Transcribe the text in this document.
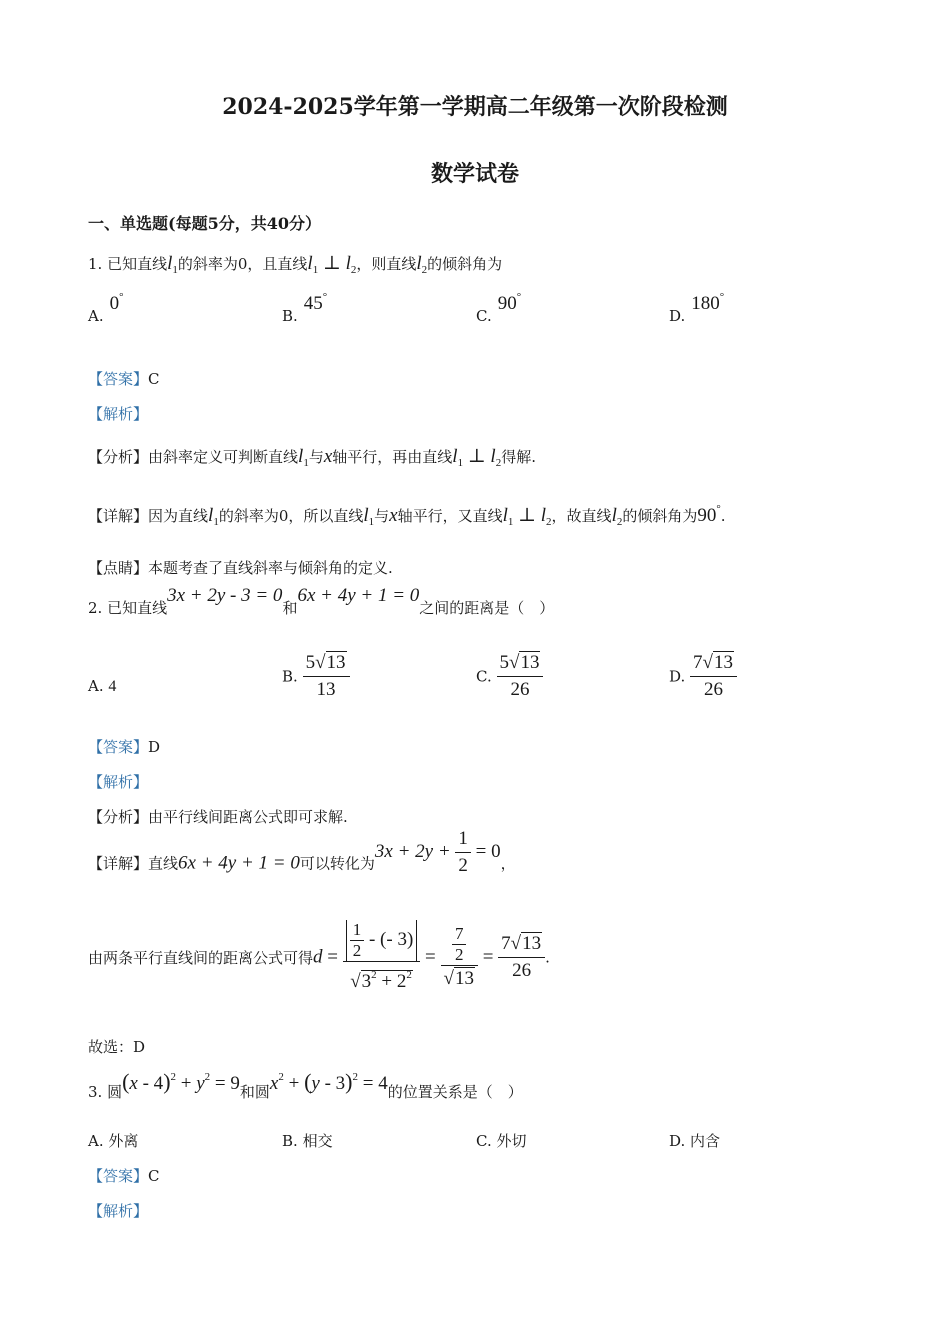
2024-2025学年第一学期高二年级第一次阶段检测
数学试卷
一、单选题(每题5分，共40分）
1. 已知直线$l_1$的斜率为0，且直线$l_1$ ⊥ $l_2$，则直线$l_2$的倾斜角为
A.0°
B.45°
C.90°
D.180°
【答案】C
【解析】
【分析】由斜率定义可判断直线$l_1$与x轴平行，再由直线$l_1$ ⊥ $l_2$得解.
【详解】因为直线$l_1$的斜率为0，所以直线$l_1$与x轴平行，又直线$l_1$ ⊥ $l_2$，故直线$l_2$的倾斜角为90°.
【点睛】本题考查了直线斜率与倾斜角的定义.
2. 已知直线3x + 2y - 3 = 0和6x + 4y + 1 = 0之间的距离是（　）
A. 4
B. $\frac{5√13}{13}$	C. $\frac{5√13}{26}$	D. $\frac{7√13}{26}$
【答案】D
【解析】
【分析】由平行线间距离公式即可求解.
【详解】直线6x + 4y + 1 = 0可以转化为$3x + 2y + \frac{1}{2} = 0$，
由两条平行直线间的距离公式可得$d = \frac{\frac{1}{2} - (- 3)}{√3^2 + 2^2} = \frac{\frac{7}{2}}{√13} = \frac{7√13}{26}$ .
故选：D
3. 圆$(x - 4)^2 + y^2 = 9$和圆$x^2 + (y - 3)^2 = 4$的位置关系是（　）
A. 外离	B. 相交	C. 外切	D. 内含
【答案】C
【解析】
